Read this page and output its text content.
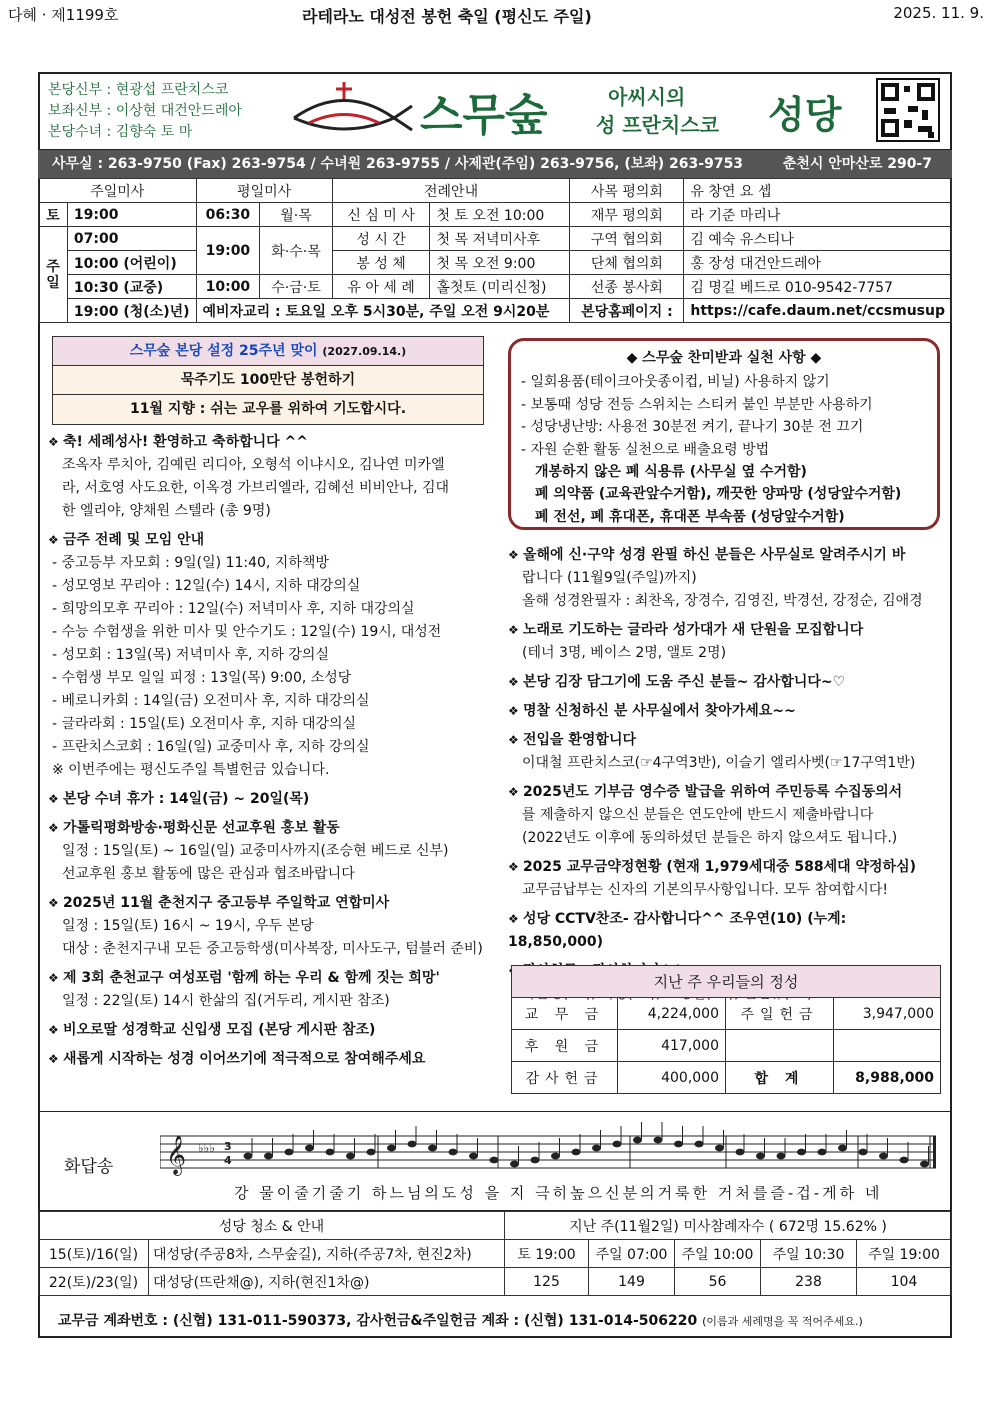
다혜 · 제1199호	라테라노 대성전 봉헌 축일 (평신도 주일)	2025. 11. 9.
본당신부 : 현광섭 프란치스코
보좌신부 : 이상현 대건안드레아
본당수녀 : 김향숙 토 마	스무숲	아씨시의
성 프란치스코 성당
사무실 : 263-9750 (Fax) 263-9754 / 수녀원 263-9755 / 사제관(주임) 263-9756, (보좌) 263-9753	춘천시 안마산로 290-7
주일미사		평일미사		전례안내		사목 평의회	유 창연 요 셉
토	19:00	06:30	월·목	신 심 미 사	첫 토 오전 10:00	재무 평의회	라 기준 마리나
주일	07:00	19:00	화·수·목	성 시 간	첫 목 저녁미사후	구역 협의회	김 예숙 유스티나
	10:00 (어린이)			봉 성 체	첫 목 오전 9:00	단체 협의회	홍 장성 대건안드레아
	10:30 (교중)	10:00	수·금·토	유 아 세 례	홀첫토 (미리신청)	선종 봉사회	김 명길 베드로 010-9542-7757
	19:00 (청(소)년)	예비자교리 : 토요일 오후 5시30분, 주일 오전 9시20분				본당홈페이지 :	https://cafe.daum.net/ccsmusup
스무숲 본당 설정 25주년 맞이 (2027.09.14.)
묵주기도 100만단 봉헌하기
11월 지향 : 쉬는 교우를 위하여 기도합시다.
❖ 축! 세례성사! 환영하고 축하합니다 ^^
조옥자 루치아, 김예린 리디아, 오형석 이냐시오, 김나연 미카엘
라, 서호영 사도요한, 이옥경 가브리엘라, 김혜선 비비안나, 김대
한 엘리야, 양채원 스텔라 (총 9명)
❖ 금주 전례 및 모임 안내
- 중고등부 자모회 : 9일(일) 11:40, 지하책방
- 성모영보 꾸리아 : 12일(수) 14시, 지하 대강의실
- 희망의모후 꾸리아 : 12일(수) 저녁미사 후, 지하 대강의실
- 수능 수험생을 위한 미사 및 안수기도 : 12일(수) 19시, 대성전
- 성모회 : 13일(목) 저녁미사 후, 지하 강의실
- 수험생 부모 일일 피정 : 13일(목) 9:00, 소성당
- 베로니카회 : 14일(금) 오전미사 후, 지하 대강의실
- 글라라회 : 15일(토) 오전미사 후, 지하 대강의실
- 프란치스코회 : 16일(일) 교중미사 후, 지하 강의실
※ 이번주에는 평신도주일 특별헌금 있습니다.
❖ 본당 수녀 휴가 : 14일(금) ~ 20일(목)
❖ 가톨릭평화방송·평화신문 선교후원 홍보 활동
일정 : 15일(토) ~ 16일(일) 교중미사까지(조승현 베드로 신부)
선교후원 홍보 활동에 많은 관심과 협조바랍니다
❖ 2025년 11월 춘천지구 중고등부 주일학교 연합미사
일정 : 15일(토) 16시 ~ 19시, 우두 본당
대상 : 춘천지구내 모든 중고등학생(미사복장, 미사도구, 텀블러 준비)
❖ 제 3회 춘천교구 여성포럼 '함께 하는 우리 & 함께 짓는 희망'
일정 : 22일(토) 14시 한삶의 집(거두리, 게시판 참조)
❖ 비오로딸 성경학교 신입생 모집 (본당 게시판 참조)
❖ 새롭게 시작하는 성경 이어쓰기에 적극적으로 참여해주세요
◆ 스무숲 찬미받과 실천 사항 ◆
- 일회용품(테이크아웃종이컵, 비닐) 사용하지 않기
- 보통때 성당 전등 스위치는 스티커 붙인 부분만 사용하기
- 성당냉난방: 사용전 30분전 켜기, 끝나기 30분 전 끄기
- 자원 순환 활동 실천으로 배출요령 방법
개봉하지 않은 폐 식용류 (사무실 옆 수거함)
폐 의약품 (교육관앞수거함), 깨끗한 양파망 (성당앞수거함)
폐 전선, 폐 휴대폰, 휴대폰 부속품 (성당앞수거함)
❖ 올해에 신·구약 성경 완필 하신 분들은 사무실로 알려주시기 바
랍니다 (11월9일(주일)까지)
올해 성경완필자 : 최찬옥, 장경수, 김영진, 박경선, 강정순, 김애경
❖ 노래로 기도하는 글라라 성가대가 새 단원을 모집합니다
(테너 3명, 베이스 2명, 앨토 2명)
❖ 본당 김장 담그기에 도움 주신 분들~ 감사합니다~♡
❖ 명찰 신청하신 분 사무실에서 찾아가세요~~
❖ 전입을 환영합니다
이대철 프란치스코(☞4구역3반), 이슬기 엘리사벳(☞17구역1반)
❖ 2025년도 기부금 영수증 발급을 위하여 주민등록 수집동의서
를 제출하지 않으신 분들은 연도안에 반드시 제출바랍니다
(2022년도 이후에 동의하셨던 분들은 하지 않으셔도 됩니다.)
❖ 2025 교무금약정현황 (현재 1,979세대중 588세대 약정하심)
교무금납부는 신자의 기본의무사항입니다. 모두 참여합시다!
❖ 성당 CCTV찬조- 감사합니다^^ 조우연(10) (누계: 18,850,000)
❖
지난 주 우리들의 정성			
교 무 금	4,224,000	주일헌금	3,947,000
후 원 금	417,000		
감사헌금	400,000	합 계	8,988,000
화답송 𝄞 ♭♭♭ 3
4
강 물이줄기줄기 하느님의도성 을 지 극히높으신분의거룩한 거처를즐-겁-게하 네
성당 청소 & 안내		지난 주(11월2일) 미사참례자수 ( 672명 15.62% )				
15(토)/16(일)	대성당(주공8차, 스무숲길), 지하(주공7차, 현진2차)	토 19:00	주일 07:00	주일 10:00	주일 10:30	주일 19:00
22(토)/23(일)	대성당(뜨란채@), 지하(현진1차@)	125	149	56	238	104
교무금 계좌번호 : (신협) 131-011-590373, 감사헌금&주일헌금 계좌 : (신협) 131-014-506220 (이름과 세례명을 꼭 적어주세요.)
